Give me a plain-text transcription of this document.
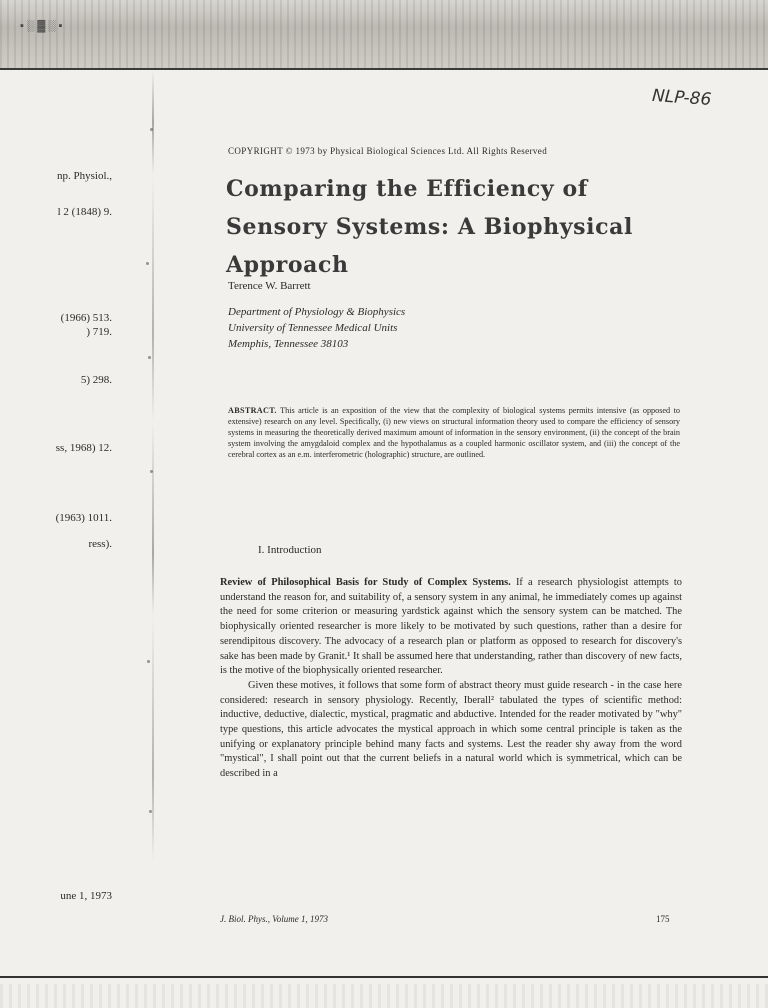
▪ ░ ▓ ░ ▪
NLP-86
np. Physiol.,
l 2 (1848) 9.
(1966) 513.
) 719.
5) 298.
ss, 1968) 12.
(1963) 1011.
ress).
une 1, 1973
COPYRIGHT © 1973 by Physical Biological Sciences Ltd. All Rights Reserved
Comparing the Efficiency of Sensory Systems: A Biophysical Approach
Terence W. Barrett
Department of Physiology & Biophysics
University of Tennessee Medical Units
Memphis, Tennessee 38103
ABSTRACT. This article is an exposition of the view that the complexity of biological systems permits intensive (as opposed to extensive) research on any level. Specifically, (i) new views on structural information theory used to compare the efficiency of sensory systems in measuring the theoretically derived maximum amount of information in the sensory environment, (ii) the concept of the brain system involving the amygdaloid complex and the hypothalamus as a coupled harmonic oscillator system, and (iii) the concept of the cerebral cortex as an e.m. interferometric (holographic) structure, are outlined.
I. Introduction

Review of Philosophical Basis for Study of Complex Systems. If a research physiologist attempts to understand the reason for, and suitability of, a sensory system in any animal, he immediately comes up against the need for some criterion or measuring yardstick against which the sensory system can be matched. The biophysically oriented researcher is more likely to be motivated by such questions, rather than a desire for serendipitous discovery. The advocacy of a research plan or platform as opposed to research for discovery's sake has been made by Granit.¹ It shall be assumed here that understanding, rather than discovery of new facts, is the motive of the biophysically oriented researcher.

Given these motives, it follows that some form of abstract theory must guide research - in the case here considered: research in sensory physiology. Recently, Iberall² tabulated the types of scientific method: inductive, deductive, dialectic, mystical, pragmatic and abductive. Intended for the reader motivated by "why" type questions, this article advocates the mystical approach in which some central principle is taken as the unifying or explanatory principle behind many facts and systems. Lest the reader shy away from the word "mystical", I shall point out that the current beliefs in a natural world which is symmetrical, which can be described in a

J. Biol. Phys., Volume 1, 1973	175
